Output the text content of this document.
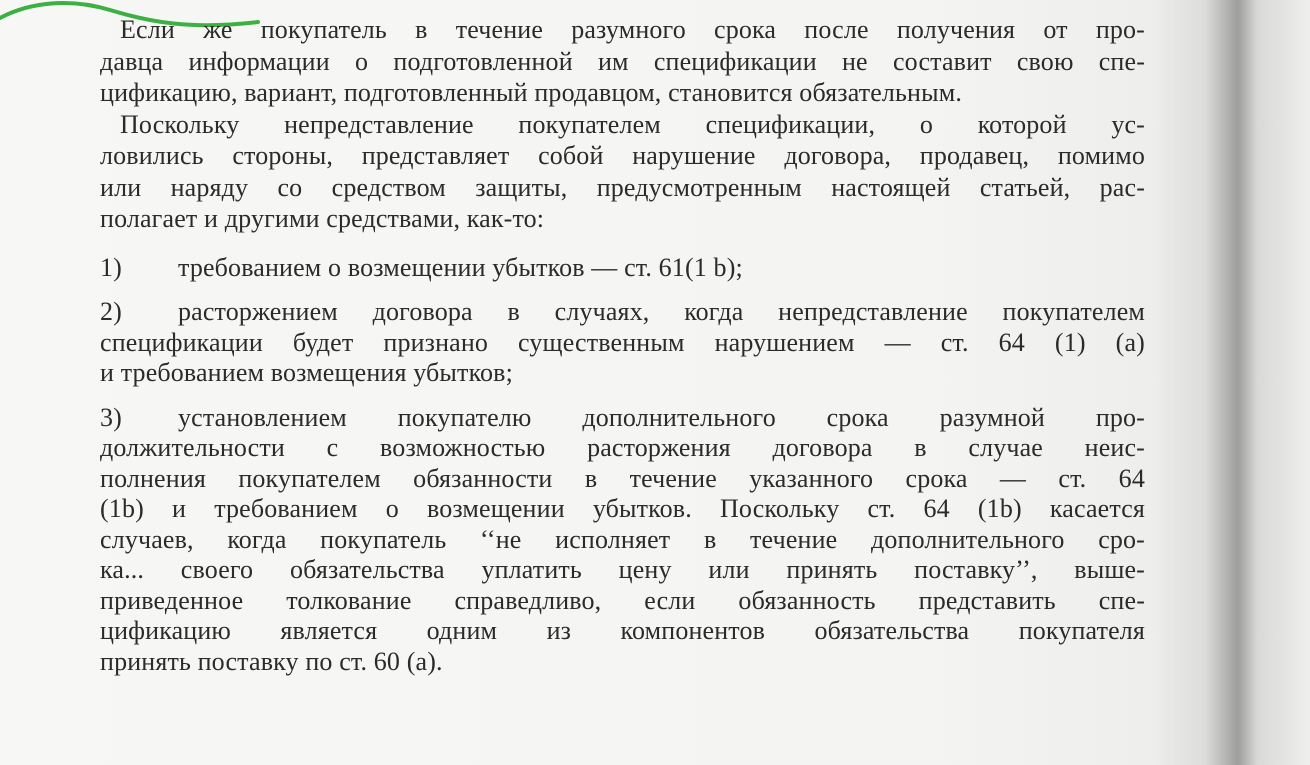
Если же покупатель в течение разумного срока после получения от про-
давца информации о подготовленной им спецификации не составит свою спе-
цификацию, вариант, подготовленный продавцом, становится обязательным.
Поскольку непредставление покупателем спецификации, о которой ус-
ловились стороны, представляет собой нарушение договора, продавец, помимо
или наряду со средством защиты, предусмотренным настоящей статьей, рас-
полагает и другими средствами, как-то:
1)	требованием о возмещении убытков — ст. 61(1 b);
2)	расторжением договора в случаях, когда непредставление покупателем
спецификации будет признано существенным нарушением — ст. 64 (1) (а)
и требованием возмещения убытков;
3)	установлением покупателю дополнительного срока разумной про-
должительности с возможностью расторжения договора в случае неис-
полнения покупателем обязанности в течение указанного срока — ст. 64
(1b) и требованием о возмещении убытков. Поскольку ст. 64 (1b) касается
случаев, когда покупатель ‘‘не исполняет в течение дополнительного сро-
ка... своего обязательства уплатить цену или принять поставку’’, выше-
приведенное толкование справедливо, если обязанность представить спе-
цификацию является одним из компонентов обязательства покупателя
принять поставку по ст. 60 (а).
